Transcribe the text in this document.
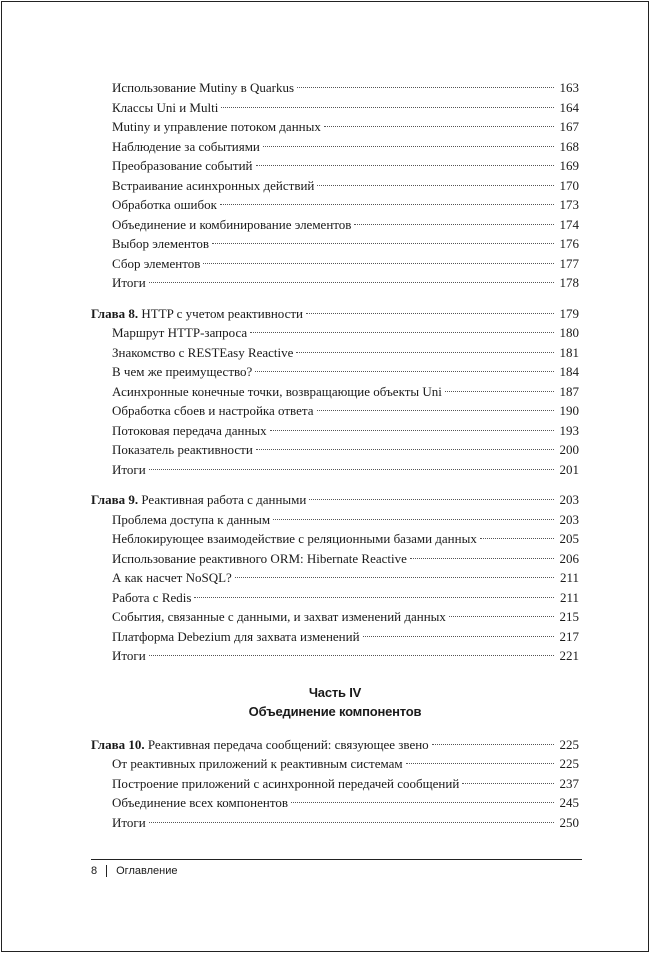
Использование Mutiny в Quarkus	163
Классы Uni и Multi	164
Mutiny и управление потоком данных	167
Наблюдение за событиями	168
Преобразование событий	169
Встраивание асинхронных действий	170
Обработка ошибок	173
Объединение и комбинирование элементов	174
Выбор элементов	176
Сбор элементов	177
Итоги	178
Глава 8. HTTP с учетом реактивности	179
Маршрут HTTP-запроса	180
Знакомство с RESTEasy Reactive	181
В чем же преимущество?	184
Асинхронные конечные точки, возвращающие объекты Uni	187
Обработка сбоев и настройка ответа	190
Потоковая передача данных	193
Показатель реактивности	200
Итоги	201
Глава 9. Реактивная работа с данными	203
Проблема доступа к данным	203
Неблокирующее взаимодействие с реляционными базами данных	205
Использование реактивного ORM: Hibernate Reactive	206
А как насчет NoSQL?	211
Работа с Redis	211
События, связанные с данными, и захват изменений данных	215
Платформа Debezium для захвата изменений	217
Итоги	221
Часть IV
Объединение компонентов
Глава 10. Реактивная передача сообщений: связующее звено	225
От реактивных приложений к реактивным системам	225
Построение приложений с асинхронной передачей сообщений	237
Объединение всех компонентов	245
Итоги	250
8 Оглавление
